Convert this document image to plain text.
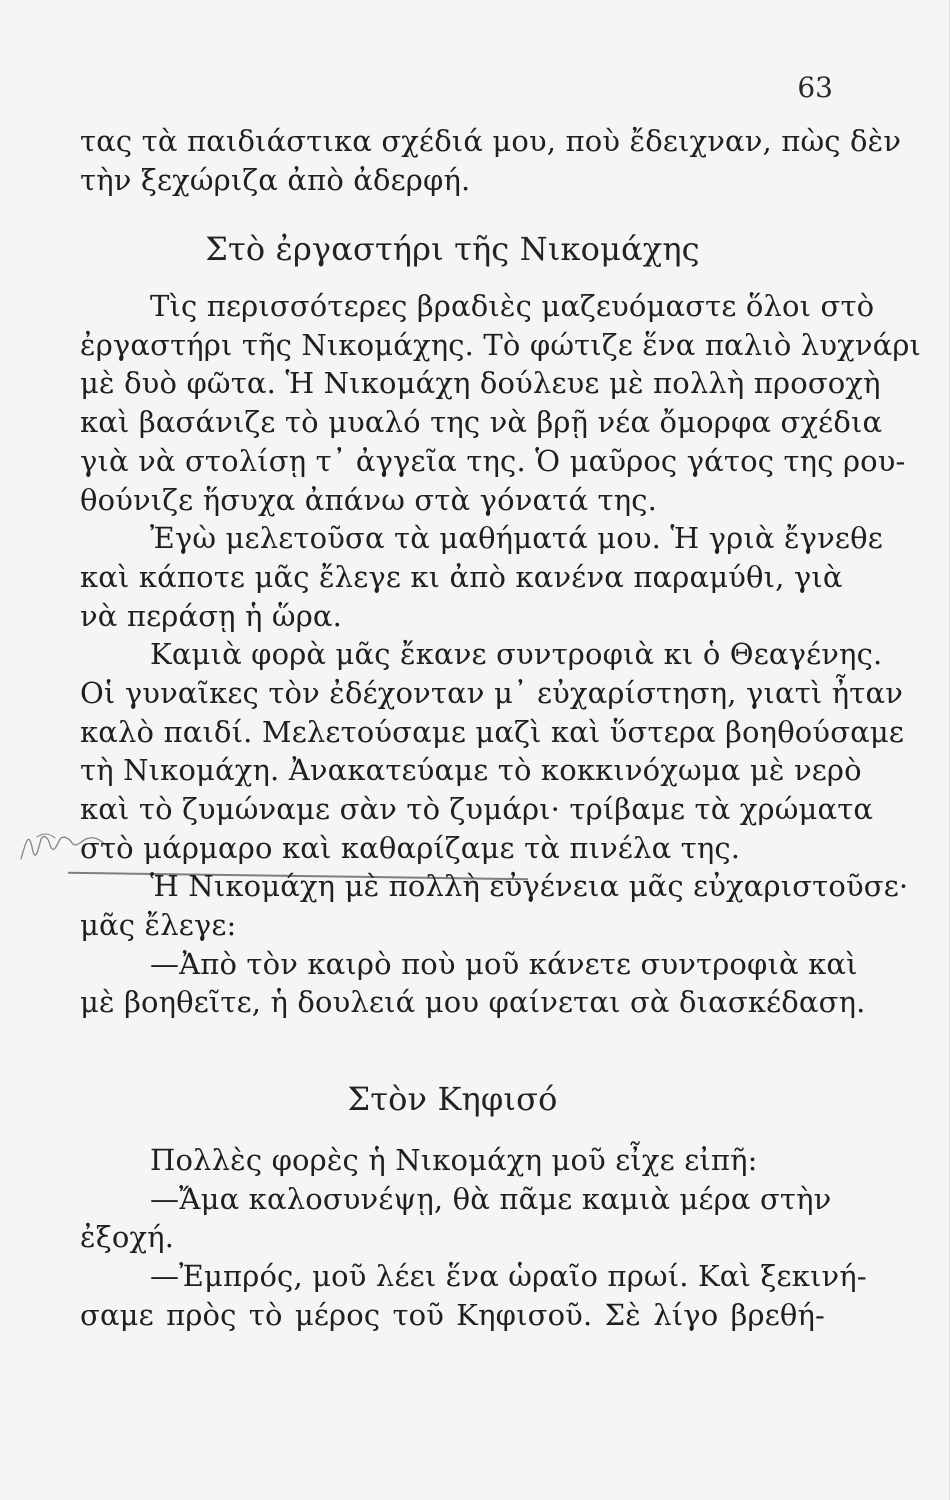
63
τας τὰ παιδιάστικα σχέδιά μου, ποὺ ἔδειχναν, πὼς δὲν
τὴν ξεχώριζα ἀπὸ ἀδερφή.
Στὸ ἐργαστήρι τῆς Νικομάχης
Τὶς περισσότερες βραδιὲς μαζευόμαστε ὅλοι στὸ
ἐργαστήρι τῆς Νικομάχης. Τὸ φώτιζε ἕνα παλιὸ λυχνάρι
μὲ δυὸ φῶτα. Ἡ Νικομάχη δούλευε μὲ πολλὴ προσοχὴ
καὶ βασάνιζε τὸ μυαλό της νὰ βρῇ νέα ὄμορφα σχέδια
γιὰ νὰ στολίσῃ τ᾽ ἀγγεῖα της. Ὁ μαῦρος γάτος της ρου-
θούνιζε ἥσυχα ἀπάνω στὰ γόνατά της.
Ἐγὼ μελετοῦσα τὰ μαθήματά μου. Ἡ γριὰ ἔγνεθε
καὶ κάποτε μᾶς ἔλεγε κι ἀπὸ κανένα παραμύθι, γιὰ
νὰ περάσῃ ἡ ὥρα.
Καμιὰ φορὰ μᾶς ἔκανε συντροφιὰ κι ὁ Θεαγένης.
Οἱ γυναῖκες τὸν ἐδέχονταν μ᾽ εὐχαρίστηση, γιατὶ ἦταν
καλὸ παιδί. Μελετούσαμε μαζὶ καὶ ὕστερα βοηθούσαμε
τὴ Νικομάχη. Ἀνακατεύαμε τὸ κοκκινόχωμα μὲ νερὸ
καὶ τὸ ζυμώναμε σὰν τὸ ζυμάρι· τρίβαμε τὰ χρώματα
στὸ μάρμαρο καὶ καθαρίζαμε τὰ πινέλα της.
Ἡ Νικομάχη μὲ πολλὴ εὐγένεια μᾶς εὐχαριστοῦσε·
μᾶς ἔλεγε:
—Ἀπὸ τὸν καιρὸ ποὺ μοῦ κάνετε συντροφιὰ καὶ
μὲ βοηθεῖτε, ἡ δουλειά μου φαίνεται σὰ διασκέδαση.
Στὸν Κηφισό
Πολλὲς φορὲς ἡ Νικομάχη μοῦ εἶχε εἰπῆ:
—Ἄμα καλοσυνέψῃ, θὰ πᾶμε καμιὰ μέρα στὴν
ἐξοχή.
—Ἐμπρός, μοῦ λέει ἕνα ὡραῖο πρωί. Καὶ ξεκινή-
σαμε πρὸς τὸ μέρος τοῦ Κηφισοῦ. Σὲ λίγο βρεθή-
